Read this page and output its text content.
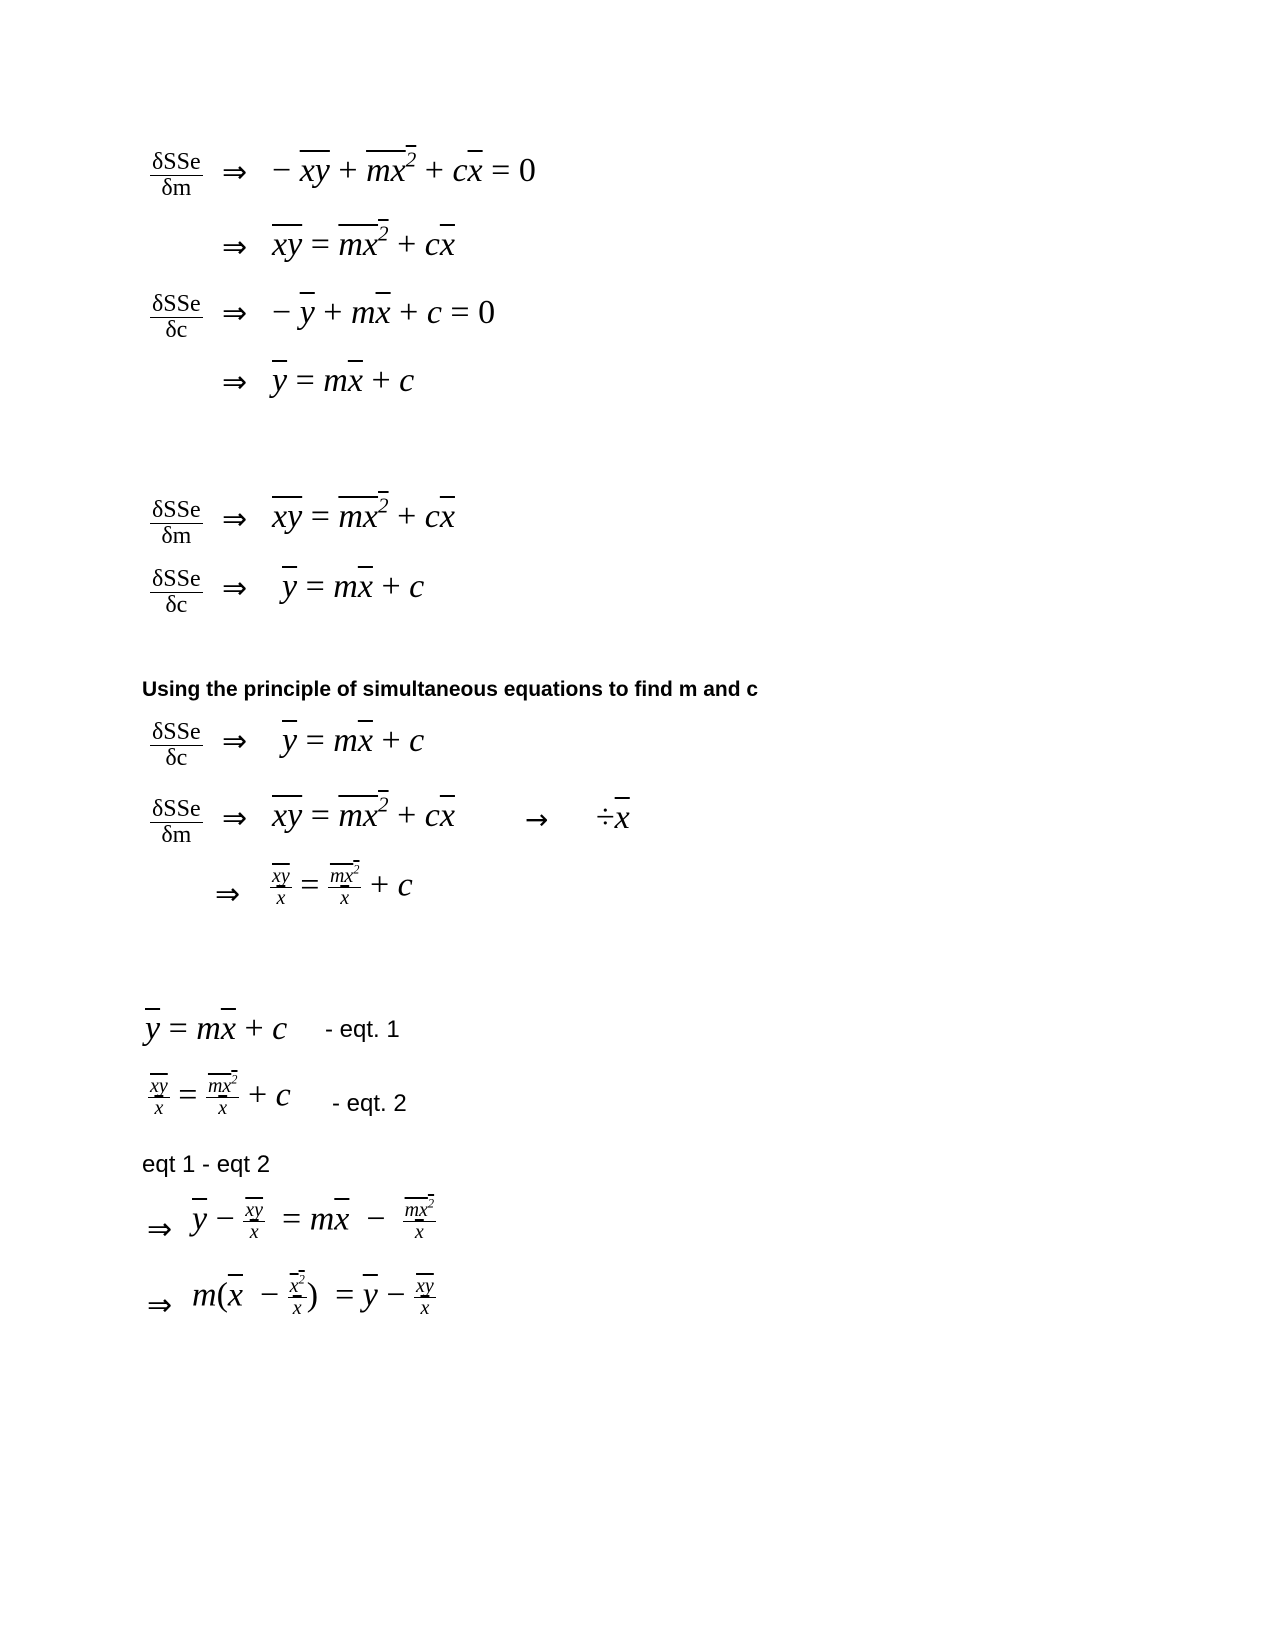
δSSe
δm	⇒ − $\overline{xy} + mx^2 + c\overline{x} = 0$
⇒ $\overline{xy} = mx^2 + c\overline{x}$
δSSe
δc	⇒ − $\overline{y} + m\overline{x} + c = 0$
⇒ $\overline{y} = m\overline{x} + c$
δSSe
δm	⇒ $\overline{xy} = mx^2 + c\overline{x}$
δSSe
δc	⇒ $\overline{y} = m\overline{x} + c$
Using the principle of simultaneous equations to find m and c
δSSe
δc	⇒ $\overline{y} = m\overline{x} + c$
δSSe
δm	⇒ $\overline{xy} = mx^2 + c\overline{x}$	→ $\div\overline{x}$
⇒ $\frac{\overline{xy}}{x} = \frac{mx^2}{x} + c$
$\overline{y} = m\overline{x} + c$ - eqt. 1
$\frac{\overline{xy}}{x} = \frac{mx^2}{x} + c$ - eqt. 2
eqt 1 - eqt 2
⇒ $\overline{y} - \frac{\overline{xy}}{x} = m\overline{x} - \frac{mx^2}{x}$
⇒ $m(\overline{x} - \frac{x^2}{x}$ )  = $\overline{y} - \frac{\overline{xy}}{x}$
